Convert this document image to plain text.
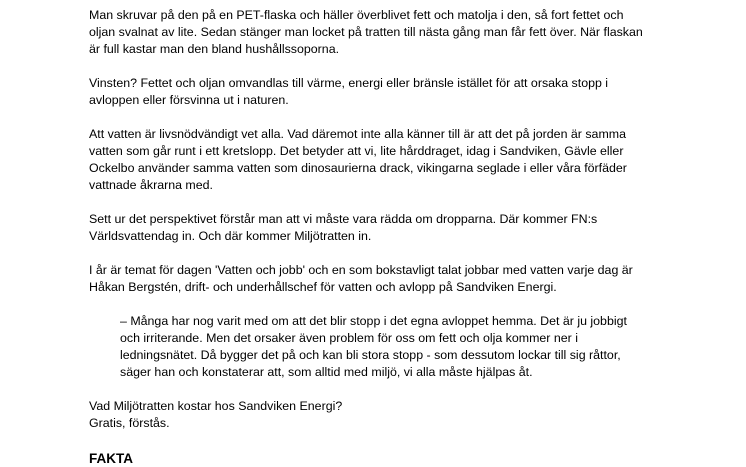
Man skruvar på den på en PET-flaska och häller överblivet fett och matolja i den, så fort fettet och
oljan svalnat av lite. Sedan stänger man locket på tratten till nästa gång man får fett över. När flaskan
är full kastar man den bland hushållssoporna.

Vinsten? Fettet och oljan omvandlas till värme, energi eller bränsle istället för att orsaka stopp i
avloppen eller försvinna ut i naturen.

Att vatten är livsnödvändigt vet alla. Vad däremot inte alla känner till är att det på jorden är samma
vatten som går runt i ett kretslopp. Det betyder att vi, lite hårddraget, idag i Sandviken, Gävle eller
Ockelbo använder samma vatten som dinosaurierna drack, vikingarna seglade i eller våra förfäder
vattnade åkrarna med.

Sett ur det perspektivet förstår man att vi måste vara rädda om dropparna. Där kommer FN:s
Världsvattendag in. Och där kommer Miljötratten in.

I år är temat för dagen 'Vatten och jobb' och en som bokstavligt talat jobbar med vatten varje dag är
Håkan Bergstén, drift- och underhållschef för vatten och avlopp på Sandviken Energi.

– Många har nog varit med om att det blir stopp i det egna avloppet hemma. Det är ju jobbigt
och irriterande. Men det orsaker även problem för oss om fett och olja kommer ner i
ledningsnätet. Då bygger det på och kan bli stora stopp - som dessutom lockar till sig råttor,
säger han och konstaterar att, som alltid med miljö, vi alla måste hjälpas åt.

Vad Miljötratten kostar hos Sandviken Energi?
Gratis, förstås.

FAKTA
